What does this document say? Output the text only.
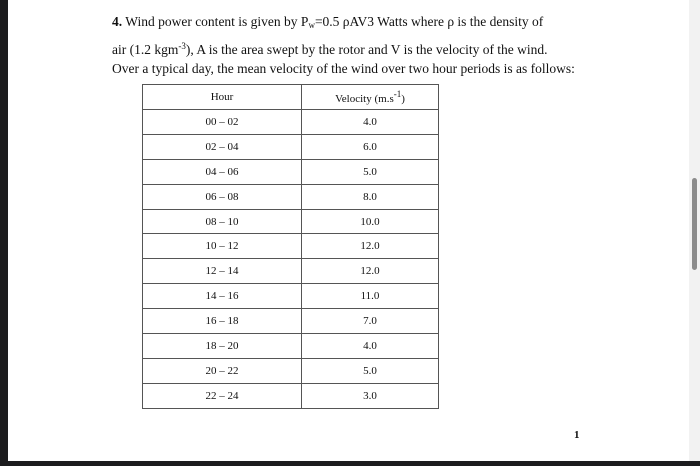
4. Wind power content is given by $P_w=0.5$ ρAV3 Watts where ρ is the density of
air (1.2 kgm$^{-3}$), A is the area swept by the rotor and V is the velocity of the wind.
Over a typical day, the mean velocity of the wind over two hour periods is as follows:
Hour	Velocity $(m.s^{-1})$
00 – 02	4.0
02 – 04	6.0
04 – 06	5.0
06 – 08	8.0
08 – 10	10.0
10 – 12	12.0
12 – 14	12.0
14 – 16	11.0
16 – 18	7.0
18 – 20	4.0
20 – 22	5.0
22 – 24	3.0
1
